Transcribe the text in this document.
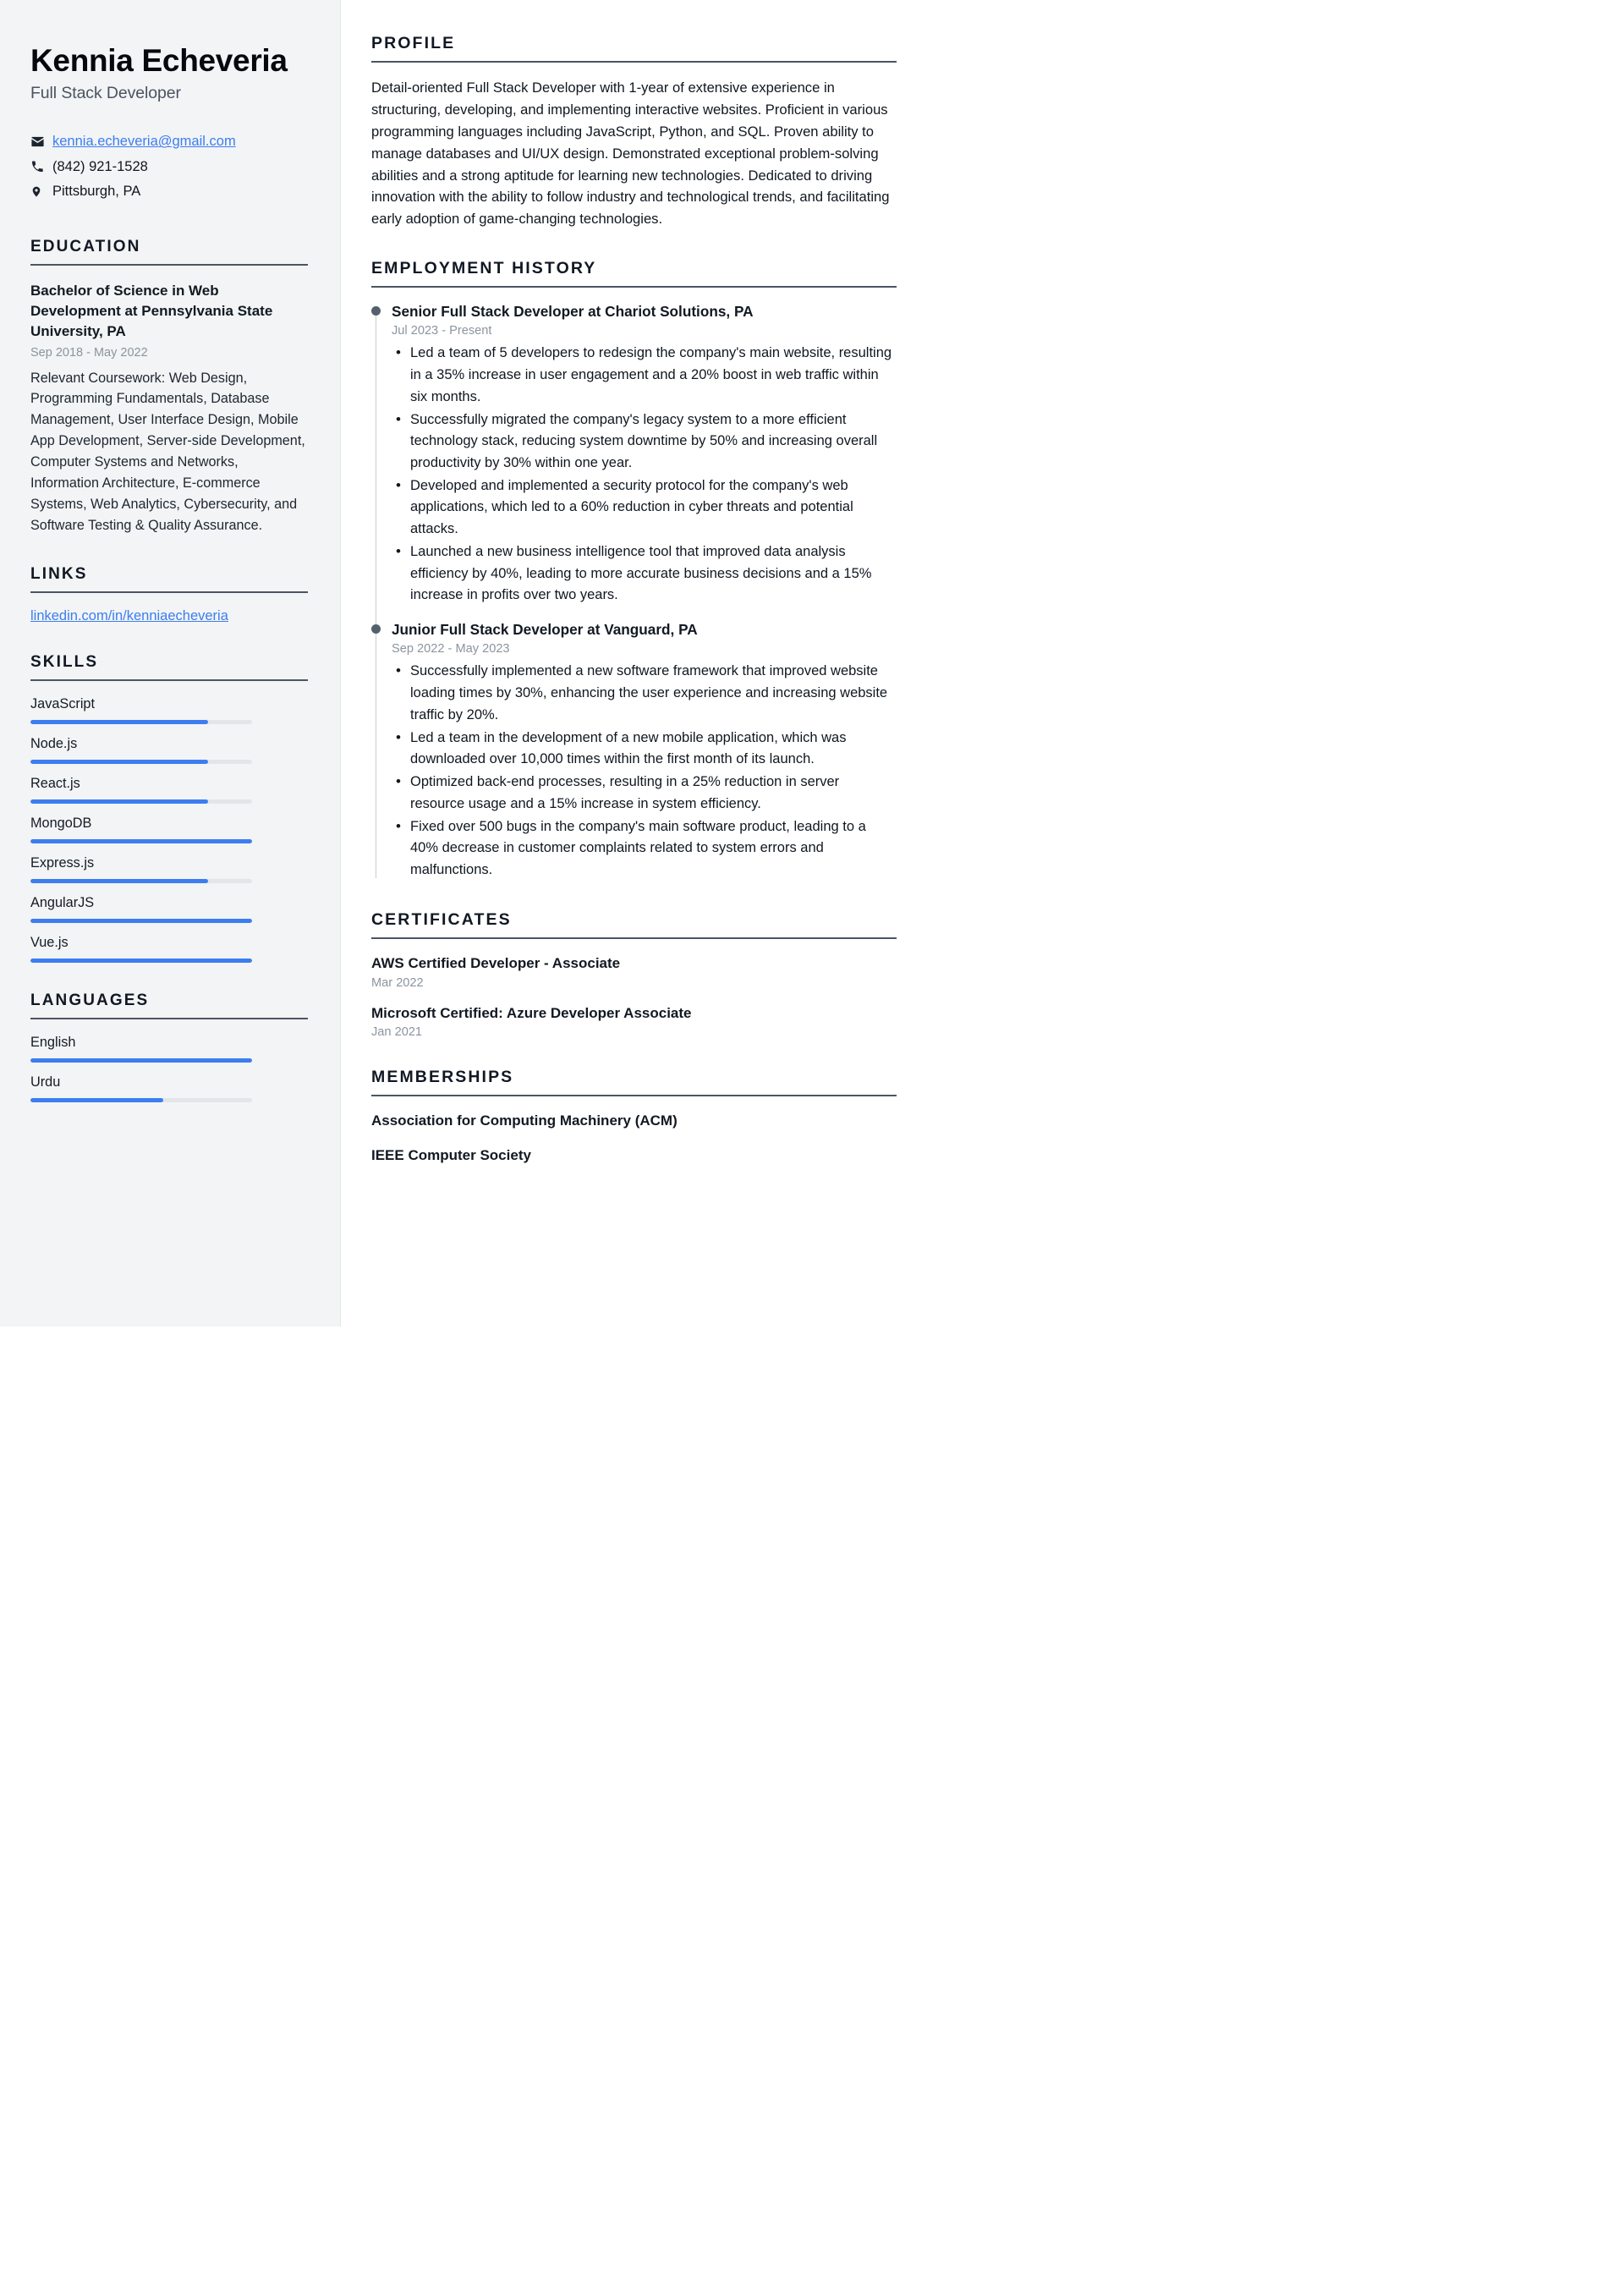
Kennia Echeveria
Full Stack Developer
kennia.echeveria@gmail.com
(842) 921-1528
Pittsburgh, PA
EDUCATION
Bachelor of Science in Web Development at Pennsylvania State University, PA
Sep 2018 - May 2022
Relevant Coursework: Web Design, Programming Fundamentals, Database Management, User Interface Design, Mobile App Development, Server-side Development, Computer Systems and Networks, Information Architecture, E-commerce Systems, Web Analytics, Cybersecurity, and Software Testing & Quality Assurance.
LINKS
linkedin.com/in/kenniaecheveria
SKILLS
JavaScript
Node.js
React.js
MongoDB
Express.js
AngularJS
Vue.js
LANGUAGES
English
Urdu
PROFILE

Detail-oriented Full Stack Developer with 1-year of extensive experience in structuring, developing, and implementing interactive websites. Proficient in various programming languages including JavaScript, Python, and SQL. Proven ability to manage databases and UI/UX design. Demonstrated exceptional problem-solving abilities and a strong aptitude for learning new technologies. Dedicated to driving innovation with the ability to follow industry and technological trends, and facilitating early adoption of game-changing technologies.

EMPLOYMENT HISTORY
Senior Full Stack Developer at Chariot Solutions, PA
Jul 2023 - Present
• Led a team of 5 developers to redesign the company's main website, resulting in a 35% increase in user engagement and a 20% boost in web traffic within six months.
• Successfully migrated the company's legacy system to a more efficient technology stack, reducing system downtime by 50% and increasing overall productivity by 30% within one year.
• Developed and implemented a security protocol for the company's web applications, which led to a 60% reduction in cyber threats and potential attacks.
• Launched a new business intelligence tool that improved data analysis efficiency by 40%, leading to more accurate business decisions and a 15% increase in profits over two years.
Junior Full Stack Developer at Vanguard, PA
Sep 2022 - May 2023
• Successfully implemented a new software framework that improved website loading times by 30%, enhancing the user experience and increasing website traffic by 20%.
• Led a team in the development of a new mobile application, which was downloaded over 10,000 times within the first month of its launch.
• Optimized back-end processes, resulting in a 25% reduction in server resource usage and a 15% increase in system efficiency.
• Fixed over 500 bugs in the company's main software product, leading to a 40% decrease in customer complaints related to system errors and malfunctions.
CERTIFICATES
AWS Certified Developer - Associate
Mar 2022
Microsoft Certified: Azure Developer Associate
Jan 2021
MEMBERSHIPS
Association for Computing Machinery (ACM)
IEEE Computer Society
